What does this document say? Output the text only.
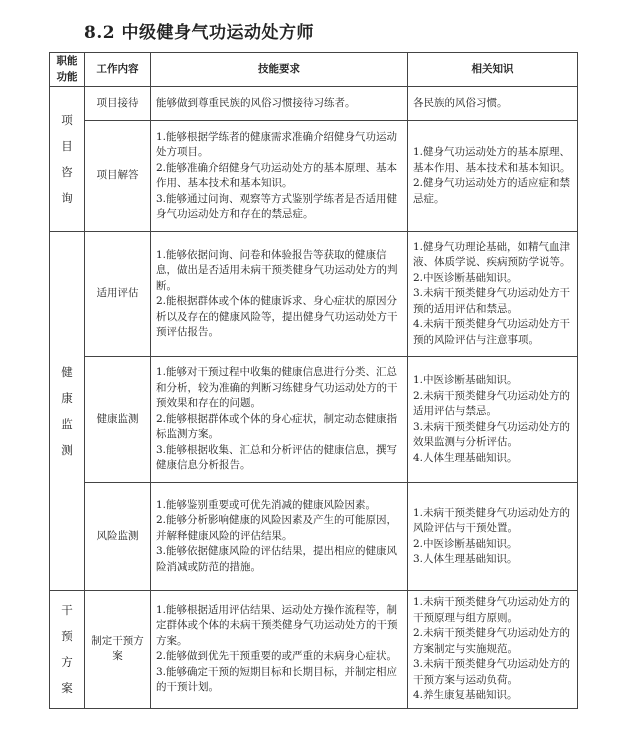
8.2 中级健身气功运动处方师
职能功能	工作内容	技能要求	相关知识
项目咨询	项目接待	能够做到尊重民族的风俗习惯接待习练者。	各民族的风俗习惯。

	项目解答	1.能够根据学练者的健康需求准确介绍健身气功运动处方项目。
2.能够准确介绍健身气功运动处方的基本原理、基本作用、基本技术和基本知识。
3.能够通过问询、观察等方式鉴别学练者是否适用健身气功运动处方和存在的禁忌症。	1.健身气功运动处方的基本原理、基本作用、基本技术和基本知识。
2.健身气功运动处方的适应症和禁忌症。

健康监测	适用评估	1.能够依据问询、问卷和体验报告等获取的健康信息，做出是否适用未病干预类健身气功运动处方的判断。
2.能根据群体或个体的健康诉求、身心症状的原因分析以及存在的健康风险等，提出健身气功运动处方干预评估报告。	1.健身气功理论基础，如精气血津液、体质学说、疾病预防学说等。
2.中医诊断基础知识。
3.未病干预类健身气功运动处方干预的适用评估和禁忌。
4.未病干预类健身气功运动处方干预的风险评估与注意事项。

	健康监测	1.能够对干预过程中收集的健康信息进行分类、汇总和分析，较为准确的判断习练健身气功运动处方的干预效果和存在的问题。
2.能够根据群体或个体的身心症状，制定动态健康指标监测方案。
3.能够根据收集、汇总和分析评估的健康信息，撰写健康信息分析报告。	1.中医诊断基础知识。
2.未病干预类健身气功运动处方的适用评估与禁忌。
3.未病干预类健身气功运动处方的效果监测与分析评估。
4.人体生理基础知识。

	风险监测	1.能够鉴别重要或可优先消减的健康风险因素。
2.能够分析影响健康的风险因素及产生的可能原因，并解释健康风险的评估结果。
3.能够依据健康风险的评估结果，提出相应的健康风险消减或防范的措施。	1.未病干预类健身气功运动处方的风险评估与干预处置。
2.中医诊断基础知识。
3.人体生理基础知识。

干预方案	制定干预方案	1.能够根据适用评估结果、运动处方操作流程等，制定群体或个体的未病干预类健身气功运动处方的干预方案。
2.能够做到优先干预重要的或严重的未病身心症状。
3.能够确定干预的短期目标和长期目标，并制定相应的干预计划。	1.未病干预类健身气功运动处方的干预原理与组方原则。
2.未病干预类健身气功运动处方的方案制定与实施规范。
3.未病干预类健身气功运动处方的干预方案与运动负荷。
4.养生康复基础知识。
